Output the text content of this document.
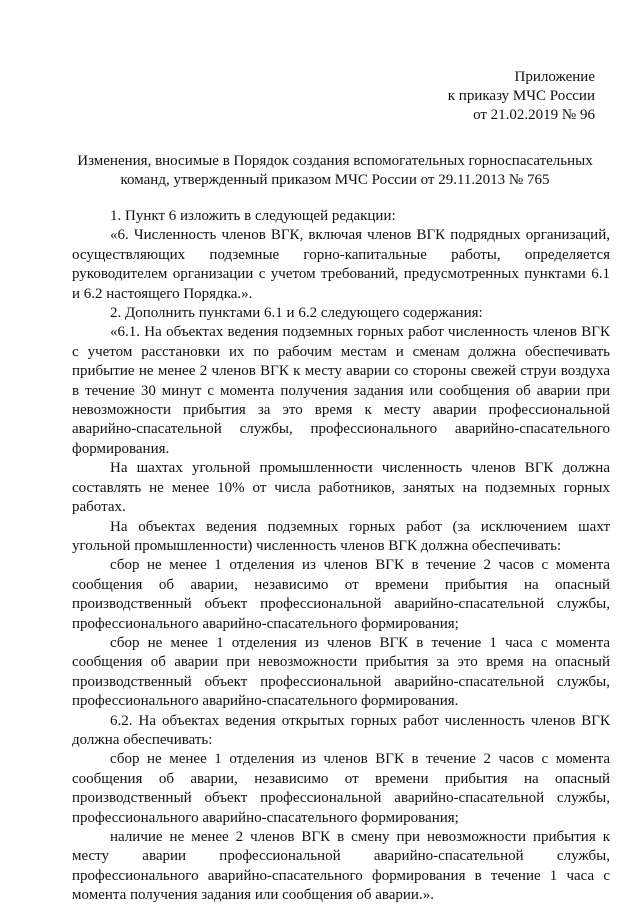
Приложение
к приказу МЧС России
от 21.02.2019 № 96
Изменения, вносимые в Порядок создания вспомогательных горноспасательных
команд, утвержденный приказом МЧС России от 29.11.2013 № 765

1. Пункт 6 изложить в следующей редакции:

«6. Численность членов ВГК, включая членов ВГК подрядных организаций, осуществляющих подземные горно-капитальные работы, определяется руководителем организации с учетом требований, предусмотренных пунктами 6.1 и 6.2 настоящего Порядка.».

2. Дополнить пунктами 6.1 и 6.2 следующего содержания:

«6.1. На объектах ведения подземных горных работ численность членов ВГК с учетом расстановки их по рабочим местам и сменам должна обеспечивать прибытие не менее 2 членов ВГК к месту аварии со стороны свежей струи воздуха в течение 30 минут с момента получения задания или сообщения об аварии при невозможности прибытия за это время к месту аварии профессиональной аварийно-спасательной службы, профессионального аварийно-спасательного формирования.

На шахтах угольной промышленности численность членов ВГК должна составлять не менее 10% от числа работников, занятых на подземных горных работах.

На объектах ведения подземных горных работ (за исключением шахт угольной промышленности) численность членов ВГК должна обеспечивать:

сбор не менее 1 отделения из членов ВГК в течение 2 часов с момента сообщения об аварии, независимо от времени прибытия на опасный производственный объект профессиональной аварийно-спасательной службы, профессионального аварийно-спасательного формирования;

сбор не менее 1 отделения из членов ВГК в течение 1 часа с момента сообщения об аварии при невозможности прибытия за это время на опасный производственный объект профессиональной аварийно-спасательной службы, профессионального аварийно-спасательного формирования.

6.2. На объектах ведения открытых горных работ численность членов ВГК должна обеспечивать:

сбор не менее 1 отделения из членов ВГК в течение 2 часов с момента сообщения об аварии, независимо от времени прибытия на опасный производственный объект профессиональной аварийно-спасательной службы, профессионального аварийно-спасательного формирования;

наличие не менее 2 членов ВГК в смену при невозможности прибытия к месту аварии профессиональной аварийно-спасательной службы, профессионального аварийно-спасательного формирования в течение 1 часа с момента получения задания или сообщения об аварии.».
